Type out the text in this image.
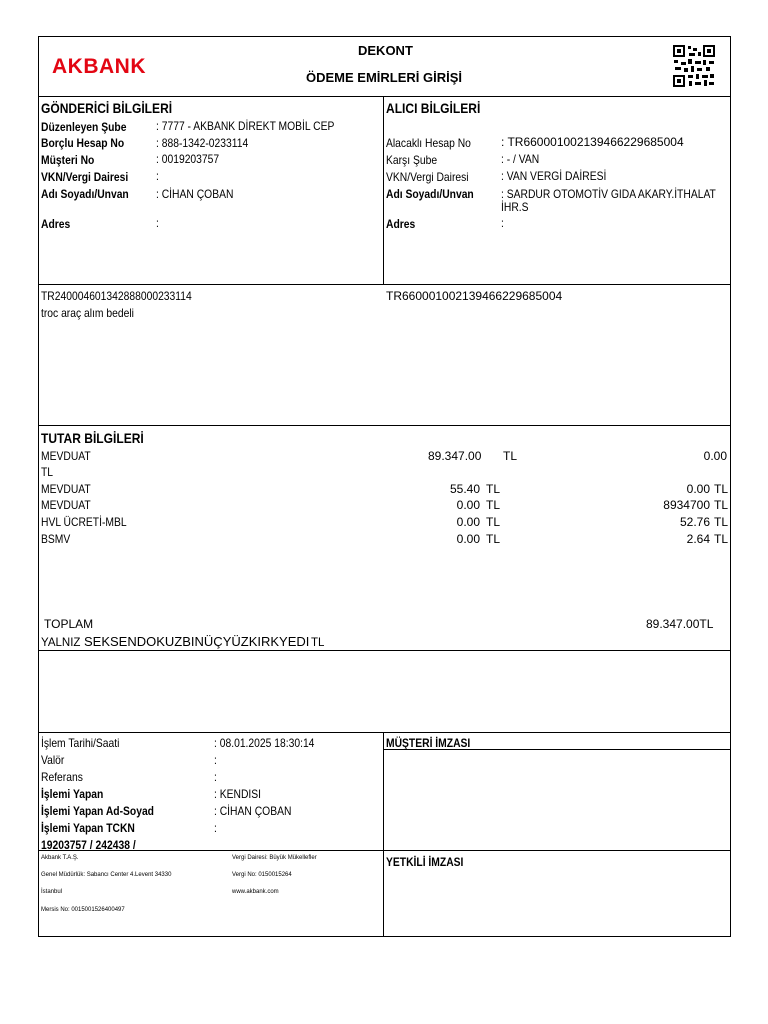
AKBANK
DEKONT
ÖDEME EMİRLERİ GİRİŞİ
GÖNDERİCİ BİLGİLERİ	ALICI BİLGİLERİ
Düzenleyen Şube : 7777 - AKBANK DİREKT MOBİL CEP
Borçlu Hesap No	: 888-1342-0233114
Müşteri No	: 0019203757
VKN/Vergi Dairesi :
Adı Soyadı/Unvan : CİHAN ÇOBAN
Adres	:
Alacaklı Hesap No	: TR660001002139466229685004
Karşı Şube	: - / VAN
VKN/Vergi Dairesi	: VAN VERGİ DAİRESİ
Adı Soyadı/Unvan : SARDUR OTOMOTİV GIDA AKARY.İTHALAT
İHR.S
Adres	:
TR240004601342888000233114	TR660001002139466229685004
troc araç alım bedeli
TUTAR BİLGİLERİ
MEVDUAT	89.347.00 TL	0.00
TL
MEVDUAT	55.40 TL	0.00 TL
MEVDUAT	0.00 TL	8934700 TL
HVL ÜCRETİ-MBL	0.00 TL	52.76 TL
BSMV	0.00 TL	2.64 TL
TOPLAM	89.347.00TL
YALNIZ SEKSENDOKUZBINÜÇYÜZKIRKYEDI TL
İşlem Tarihi/Saati	: 08.01.2025 18:30:14
Valör	:
Referans	:
İşlemi Yapan	: KENDISI
İşlemi Yapan Ad-Soyad	: CİHAN ÇOBAN
İşlemi Yapan TCKN	:
19203757 / 242438 /
MÜŞTERİ İMZASI
YETKİLİ İMZASI
Akbank T.A.Ş.
Genel Müdürlük: Sabancı Center 4.Levent 34330
İstanbul
Mersis No: 0015001526400497
Vergi Dairesi: Büyük Mükellefler
Vergi No: 0150015264
www.akbank.com
